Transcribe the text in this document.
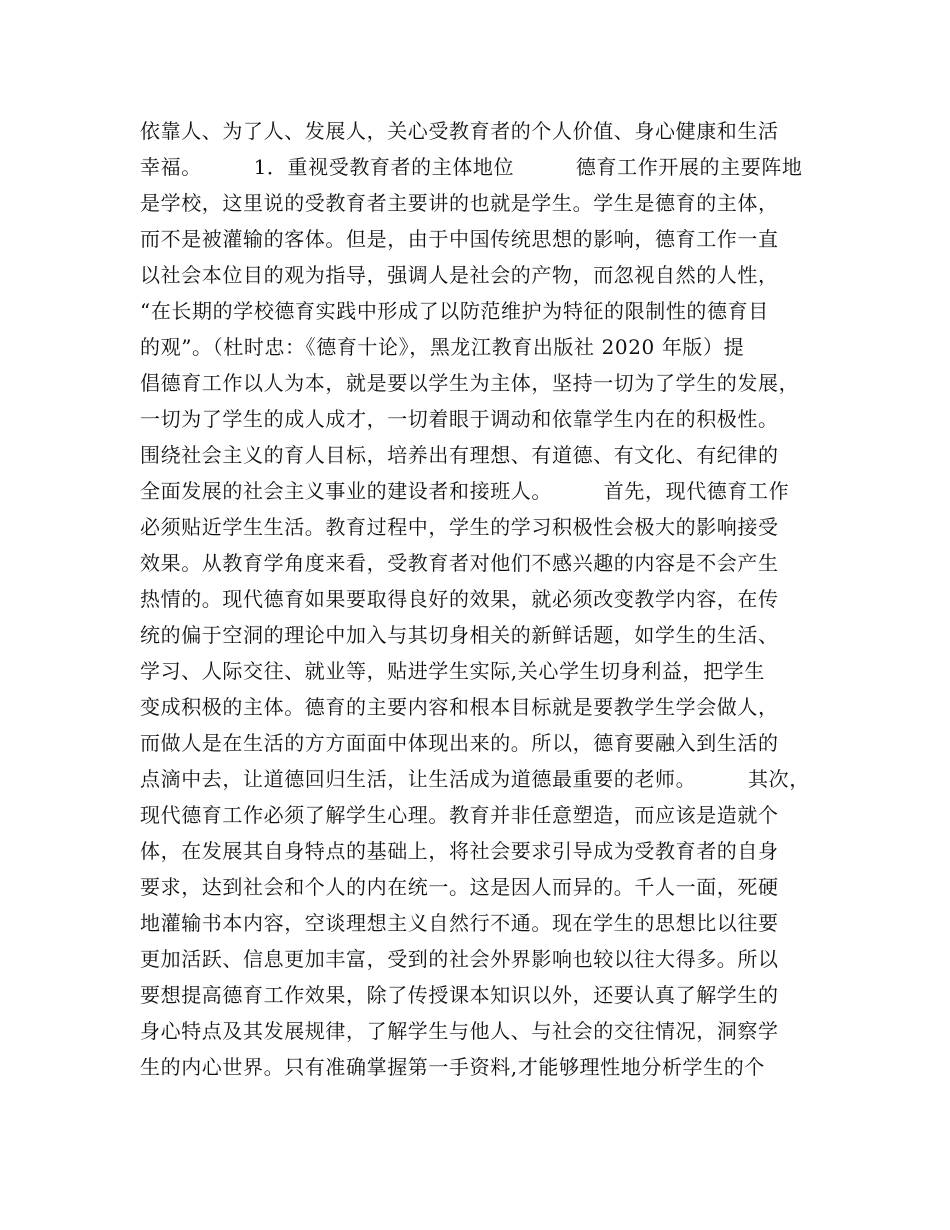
依靠人、为了人、发展人，关心受教育者的个人价值、身心健康和生活
幸福。　　　1．重视受教育者的主体地位　　　德育工作开展的主要阵地
是学校，这里说的受教育者主要讲的也就是学生。学生是德育的主体，
而不是被灌输的客体。但是，由于中国传统思想的影响，德育工作一直
以社会本位目的观为指导，强调人是社会的产物，而忽视自然的人性，
“在长期的学校德育实践中形成了以防范维护为特征的限制性的德育目
的观”。（杜时忠：《德育十论》，黑龙江教育出版社 2020 年版）提
倡德育工作以人为本，就是要以学生为主体，坚持一切为了学生的发展，
一切为了学生的成人成才，一切着眼于调动和依靠学生内在的积极性。
围绕社会主义的育人目标，培养出有理想、有道德、有文化、有纪律的
全面发展的社会主义事业的建设者和接班人。　　　首先，现代德育工作
必须贴近学生生活。教育过程中，学生的学习积极性会极大的影响接受
效果。从教育学角度来看，受教育者对他们不感兴趣的内容是不会产生
热情的。现代德育如果要取得良好的效果，就必须改变教学内容，在传
统的偏于空洞的理论中加入与其切身相关的新鲜话题，如学生的生活、
学习、人际交往、就业等，贴进学生实际,关心学生切身利益，把学生
变成积极的主体。德育的主要内容和根本目标就是要教学生学会做人，
而做人是在生活的方方面面中体现出来的。所以，德育要融入到生活的
点滴中去，让道德回归生活，让生活成为道德最重要的老师。　　　其次，
现代德育工作必须了解学生心理。教育并非任意塑造，而应该是造就个
体，在发展其自身特点的基础上，将社会要求引导成为受教育者的自身
要求，达到社会和个人的内在统一。这是因人而异的。千人一面，死硬
地灌输书本内容，空谈理想主义自然行不通。现在学生的思想比以往要
更加活跃、信息更加丰富，受到的社会外界影响也较以往大得多。所以
要想提高德育工作效果，除了传授课本知识以外，还要认真了解学生的
身心特点及其发展规律，了解学生与他人、与社会的交往情况，洞察学
生的内心世界。只有准确掌握第一手资料,才能够理性地分析学生的个
